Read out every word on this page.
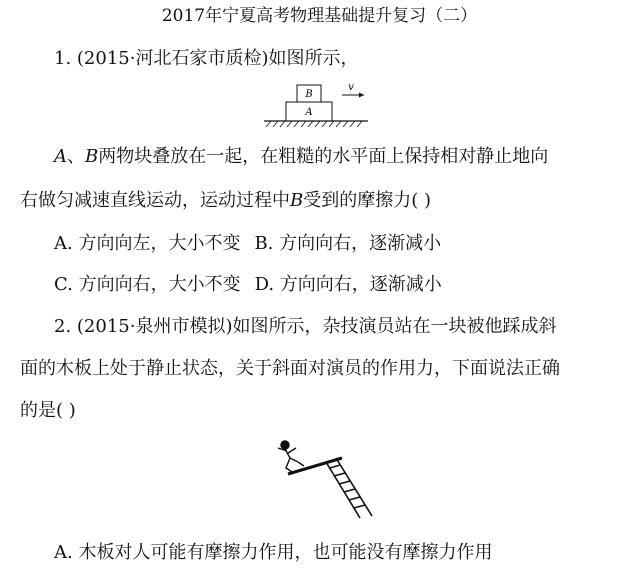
2017年宁夏高考物理基础提升复习（二）
1. (2015·河北石家市质检)如图所示，
A
B
v
A、B两物块叠放在一起，在粗糙的水平面上保持相对静止地向
右做匀减速直线运动，运动过程中B受到的摩擦力( )
A. 方向向左，大小不变 B. 方向向右，逐渐减小
C. 方向向右，大小不变 D. 方向向右，逐渐减小
2. (2015·泉州市模拟)如图所示，杂技演员站在一块被他踩成斜
面的木板上处于静止状态，关于斜面对演员的作用力，下面说法正确
的是( )
A. 木板对人可能有摩擦力作用，也可能没有摩擦力作用
